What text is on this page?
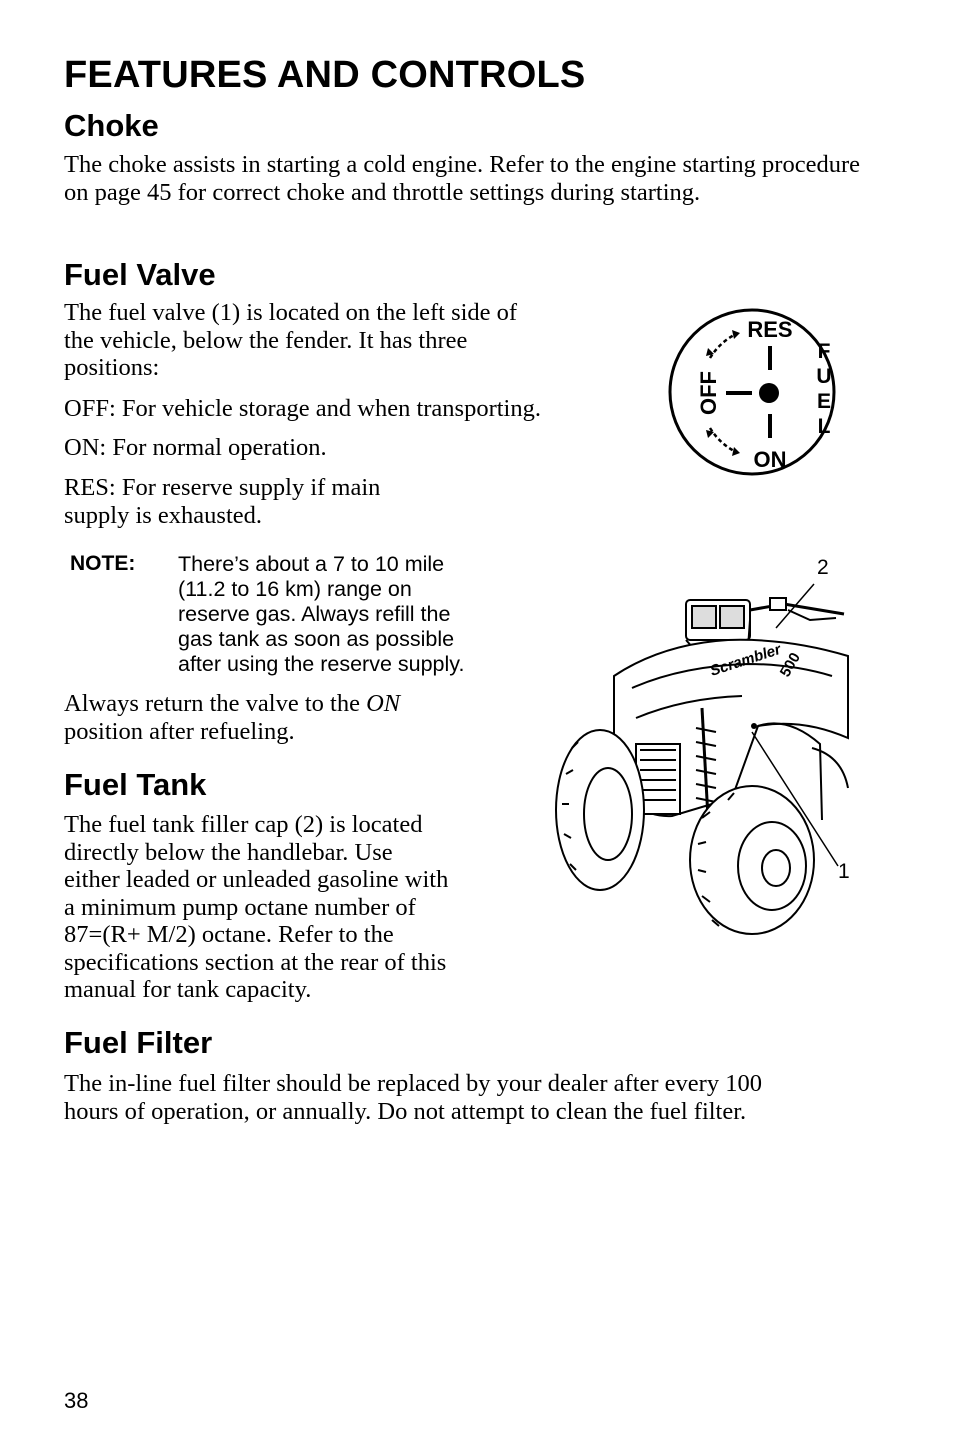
FEATURES AND CONTROLS
Choke

The choke assists in starting a cold engine. Refer to the engine starting procedure on page 45 for correct choke and throttle settings during starting.

Fuel Valve

The fuel valve (1) is located on the left side of
the vehicle, below the fender. It has three
positions:

OFF: For vehicle storage and when transporting.

ON: For normal operation.

RES: For reserve supply if main
supply is exhausted.

NOTE: There’s about a 7 to 10 mile
(11.2 to 16 km) range on
reserve gas. Always refill the
gas tank as soon as possible
after using the reserve supply.

Always return the valve to the ON
position after refueling.

RES
OFF
ON
F
U
E
L
Scrambler
500
2
1
Fuel Tank

The fuel tank filler cap (2) is located
directly below the handlebar. Use
either leaded or unleaded gasoline with
a minimum pump octane number of
87=(R+ M/2) octane. Refer to the
specifications section at the rear of this
manual for tank capacity.

Fuel Filter

The in-line fuel filter should be replaced by your dealer after every 100
hours of operation, or annually. Do not attempt to clean the fuel filter.

38
